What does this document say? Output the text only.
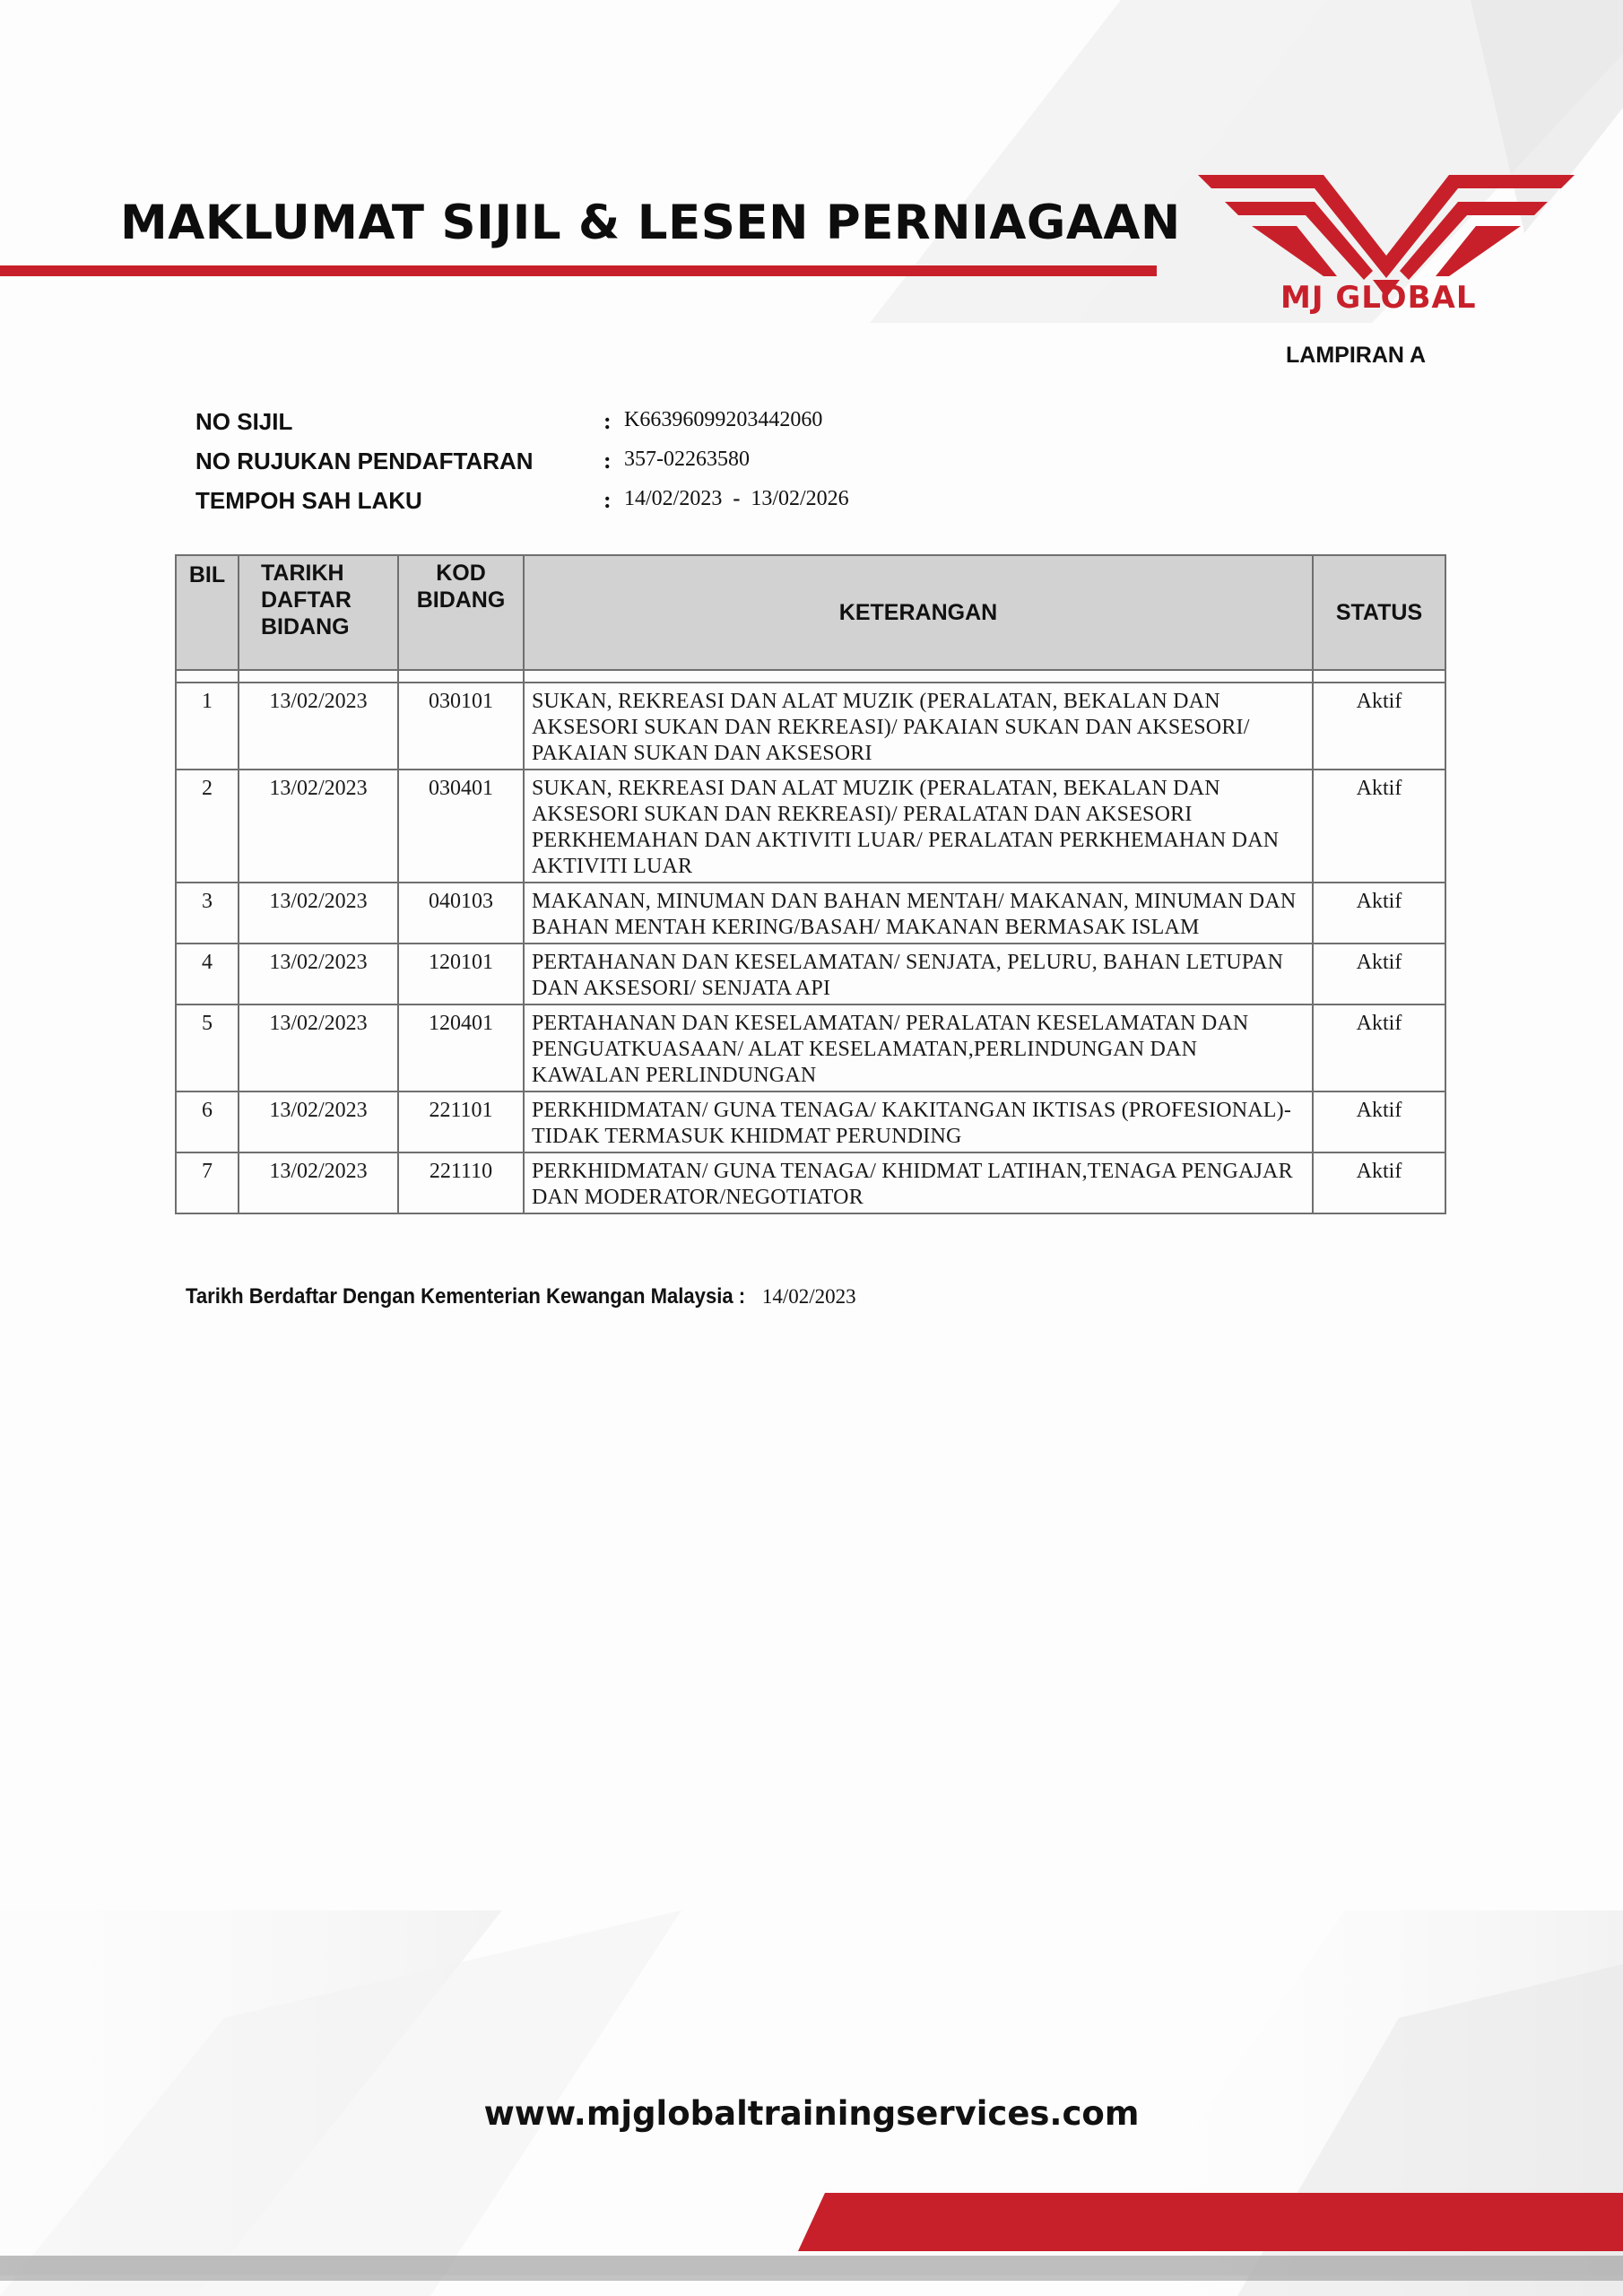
MAKLUMAT SIJIL & LESEN PERNIAGAAN
MJ GLOBAL
LAMPIRAN A
NO SIJIL	: K66396099203442060
NO RUJUKAN PENDAFTARAN	: 357-02263580
TEMPOH SAH LAKU	: 14/02/2023 - 13/02/2026
BIL	TARIKH DAFTAR BIDANG	KOD BIDANG	KETERANGAN	STATUS

1	13/02/2023	030101	SUKAN, REKREASI DAN ALAT MUZIK (PERALATAN, BEKALAN DAN AKSESORI SUKAN DAN REKREASI)/ PAKAIAN SUKAN DAN AKSESORI/ PAKAIAN SUKAN DAN AKSESORI	Aktif
2	13/02/2023	030401	SUKAN, REKREASI DAN ALAT MUZIK (PERALATAN, BEKALAN DAN AKSESORI SUKAN DAN REKREASI)/ PERALATAN DAN AKSESORI PERKHEMAHAN DAN AKTIVITI LUAR/ PERALATAN PERKHEMAHAN DAN AKTIVITI LUAR	Aktif
3	13/02/2023	040103	MAKANAN, MINUMAN DAN BAHAN MENTAH/ MAKANAN, MINUMAN DAN BAHAN MENTAH KERING/BASAH/ MAKANAN BERMASAK ISLAM	Aktif
4	13/02/2023	120101	PERTAHANAN DAN KESELAMATAN/ SENJATA, PELURU, BAHAN LETUPAN DAN AKSESORI/ SENJATA API	Aktif
5	13/02/2023	120401	PERTAHANAN DAN KESELAMATAN/ PERALATAN KESELAMATAN DAN PENGUATKUASAAN/ ALAT KESELAMATAN,PERLINDUNGAN DAN KAWALAN PERLINDUNGAN	Aktif
6	13/02/2023	221101	PERKHIDMATAN/ GUNA TENAGA/ KAKITANGAN IKTISAS (PROFESIONAL)-TIDAK TERMASUK KHIDMAT PERUNDING	Aktif
7	13/02/2023	221110	PERKHIDMATAN/ GUNA TENAGA/ KHIDMAT LATIHAN,TENAGA PENGAJAR DAN MODERATOR/NEGOTIATOR	Aktif
Tarikh Berdaftar Dengan Kementerian Kewangan Malaysia : 14/02/2023
www.mjglobaltrainingservices.com
